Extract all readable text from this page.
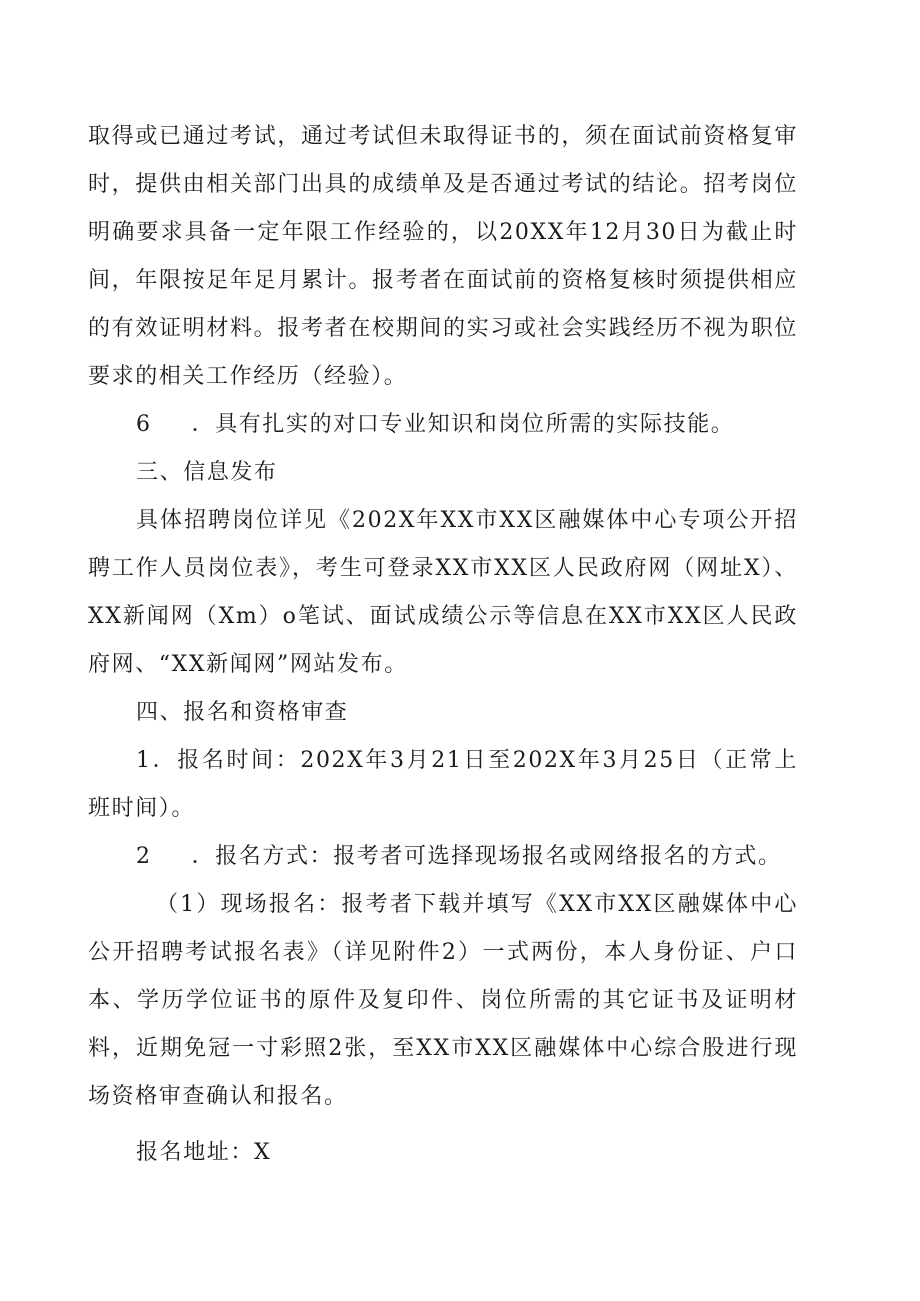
取得或已通过考试，通过考试但未取得证书的，须在面试前资格复审时，提供由相关部门出具的成绩单及是否通过考试的结论。招考岗位明确要求具备一定年限工作经验的，以20XX年12月30日为截止时间，年限按足年足月累计。报考者在面试前的资格复核时须提供相应的有效证明材料。报考者在校期间的实习或社会实践经历不视为职位要求的相关工作经历（经验）。

6 ．具有扎实的对口专业知识和岗位所需的实际技能。

三、信息发布

具体招聘岗位详见《202X年XX市XX区融媒体中心专项公开招聘工作人员岗位表》，考生可登录XX市XX区人民政府网（网址X）、XX新闻网（Xm）o笔试、面试成绩公示等信息在XX市XX区人民政府网、“XX新闻网”网站发布。

四、报名和资格审查

1．报名时间：202X年3月21日至202X年3月25日（正常上班时间）。

2 ．报名方式：报考者可选择现场报名或网络报名的方式。

（1）现场报名：报考者下载并填写《XX市XX区融媒体中心公开招聘考试报名表》（详见附件2）一式两份，本人身份证、户口本、学历学位证书的原件及复印件、岗位所需的其它证书及证明材料，近期免冠一寸彩照2张，至XX市XX区融媒体中心综合股进行现场资格审查确认和报名。

报名地址：X
